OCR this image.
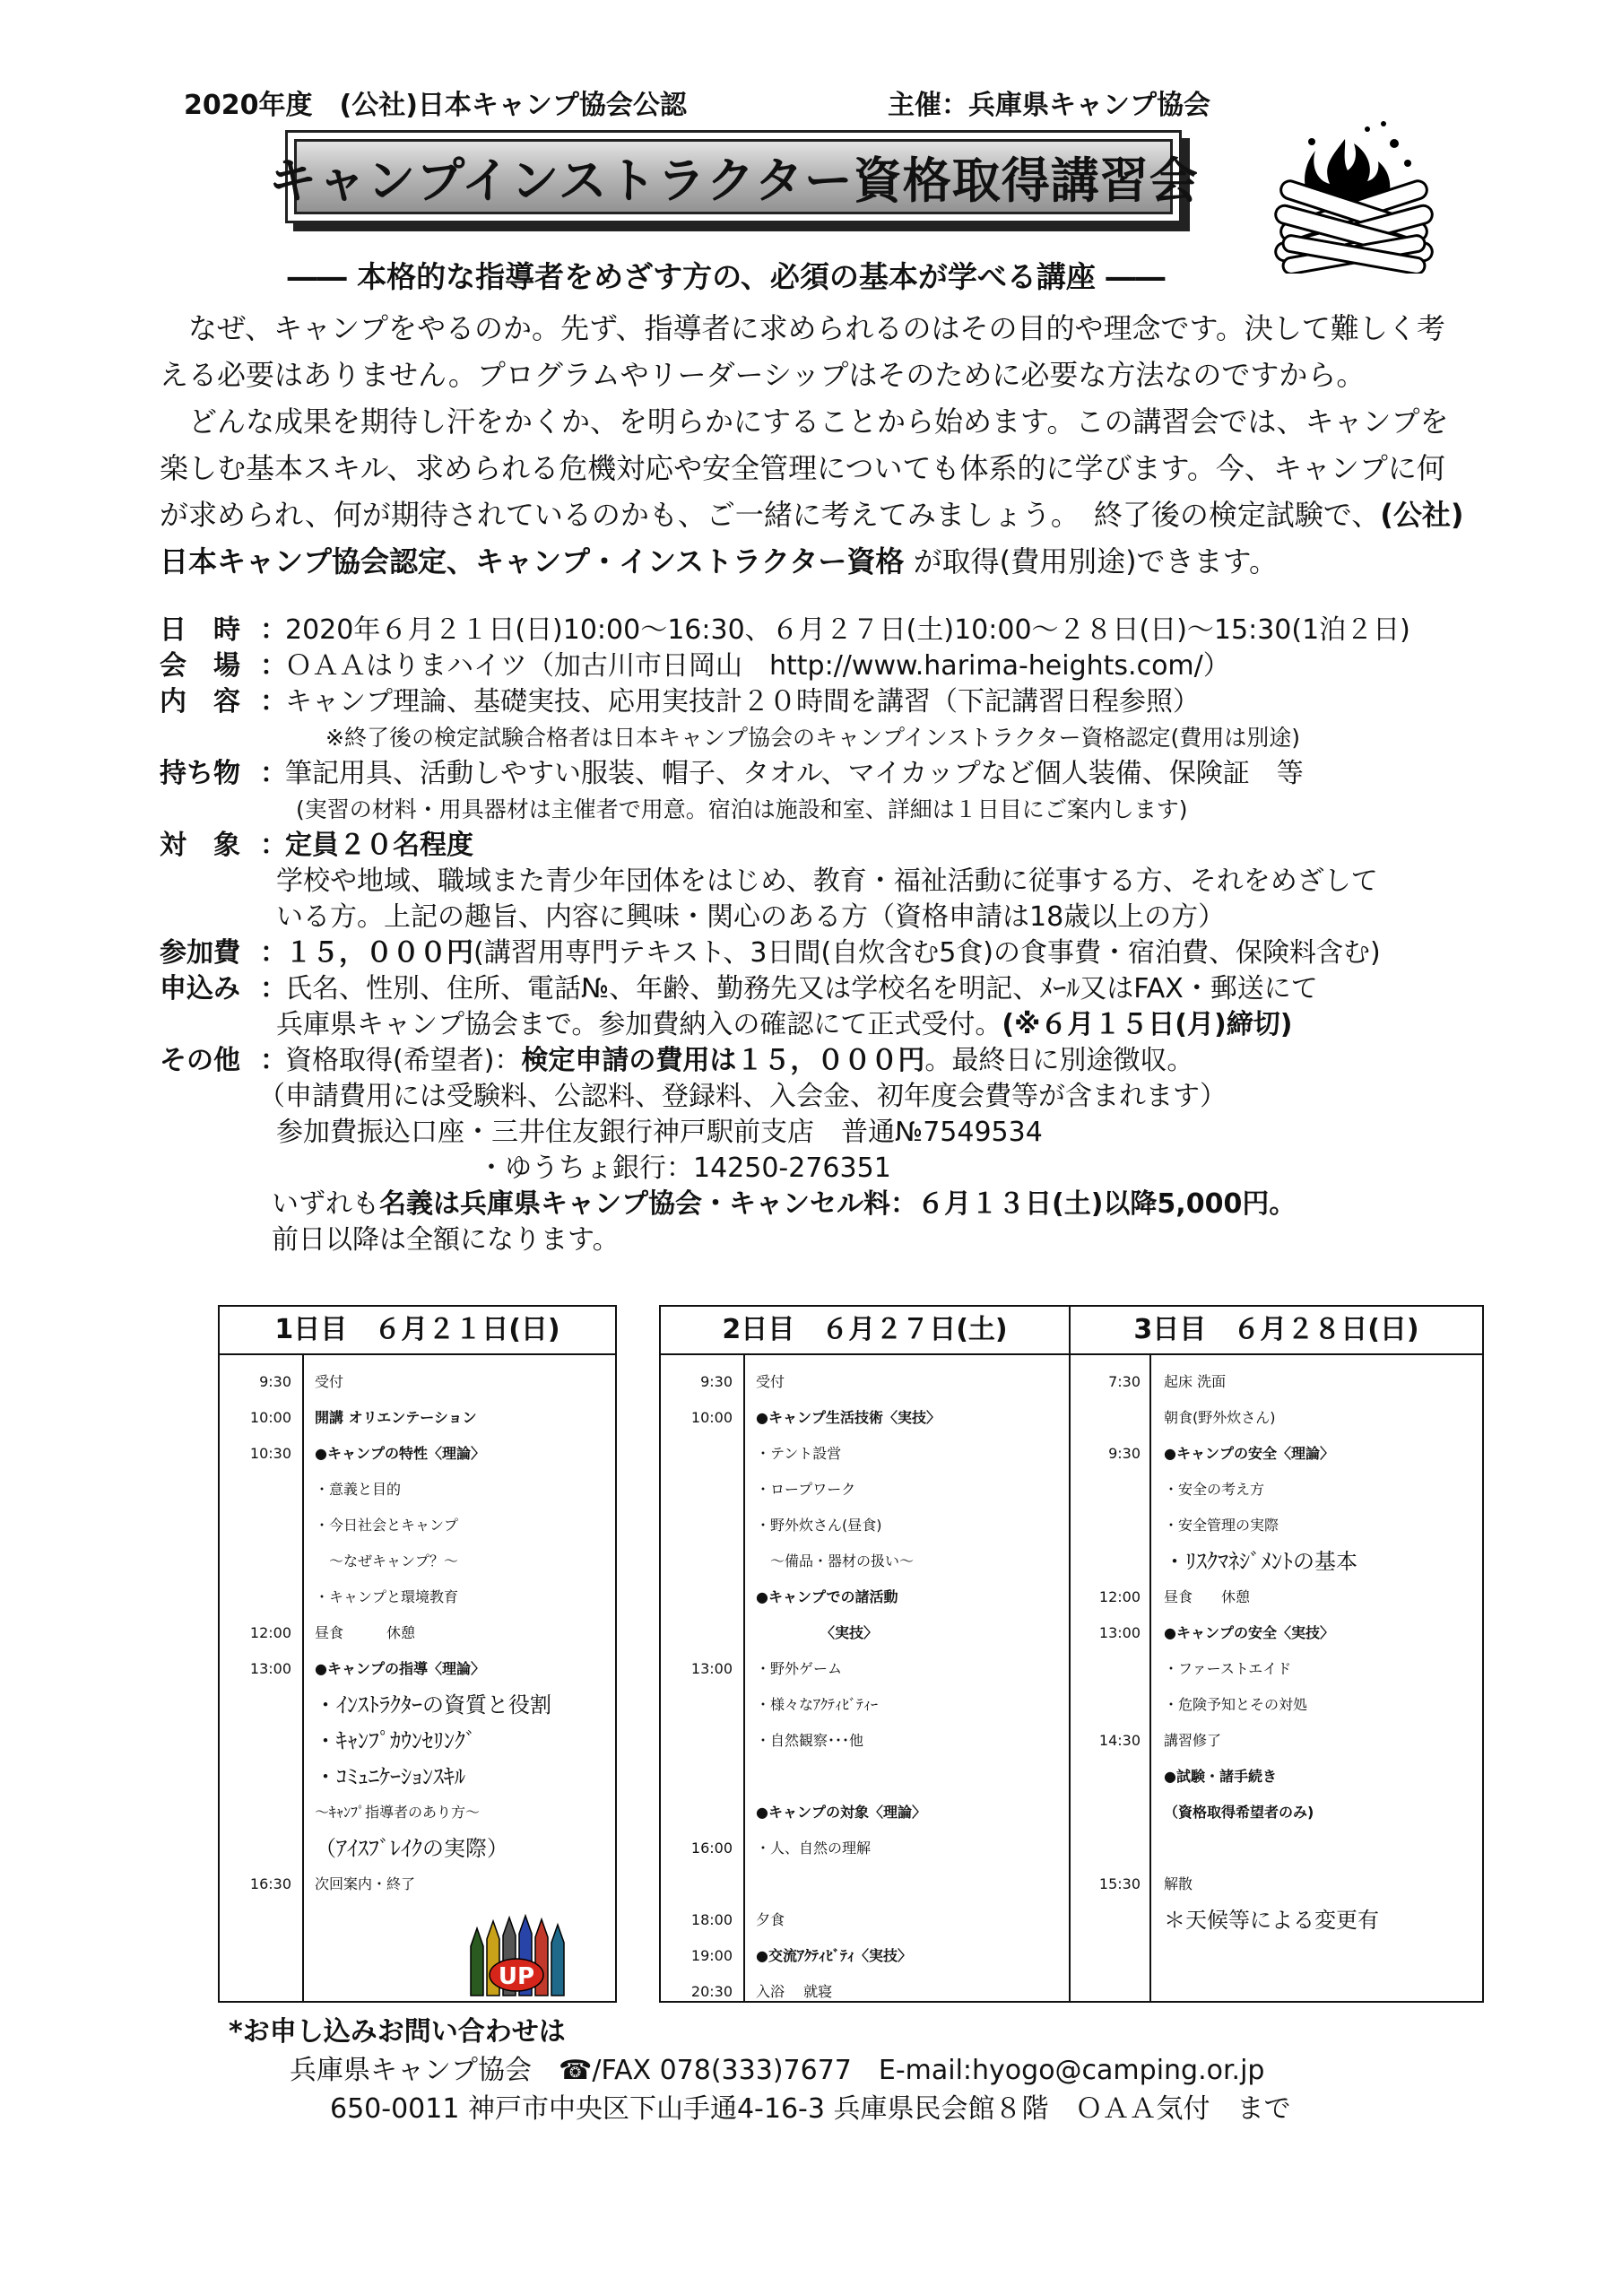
2020年度　(公社)日本キャンプ協会公認	主催：兵庫県キャンプ協会
キャンプインストラクター資格取得講習会
―― 本格的な指導者をめざす方の、必須の基本が学べる講座 ――

なぜ、キャンプをやるのか。先ず、指導者に求められるのはその目的や理念です。決して難しく考える必要はありません。プログラムやリーダーシップはそのために必要な方法なのですから。

どんな成果を期待し汗をかくか、を明らかにすることから始めます。この講習会では、キャンプを楽しむ基本スキル、求められる危機対応や安全管理についても体系的に学びます。今、キャンプに何が求められ、何が期待されているのかも、ご一緒に考えてみましょう。　終了後の検定試験で、(公社)日本キャンプ協会認定、キャンプ・インストラクター資格 が取得(費用別途)できます。

日　時 ：
2020年６月２１日(日)10:00～16:30、６月２７日(土)10:00～２８日(日)～15:30(1泊２日)
会　場 ：
ＯＡＡはりまハイツ（加古川市日岡山　http://www.harima-heights.com/）
内　容 ：
キャンプ理論、基礎実技、応用実技計２０時間を講習（下記講習日程参照）
※終了後の検定試験合格者は日本キャンプ協会のキャンプインストラクター資格認定(費用は別途)
持ち物 ：
筆記用具、活動しやすい服装、帽子、タオル、マイカップなど個人装備、保険証　等
(実習の材料・用具器材は主催者で用意。宿泊は施設和室、詳細は１日目にご案内します)
対　象 ：
定員２０名程度
学校や地域、職域また青少年団体をはじめ、教育・福祉活動に従事する方、それをめざして
いる方。上記の趣旨、内容に興味・関心のある方（資格申請は18歳以上の方）
参加費 ：
１５，０００円 (講習用専門テキスト、3日間(自炊含む5食)の食事費・宿泊費、保険料含む)
申込み ：
氏名、性別、住所、電話№、年齢、勤務先又は学校名を明記、ﾒｰﾙ又はFAX・郵送にて
兵庫県キャンプ協会まで。参加費納入の確認にて正式受付。 (※６月１５日(月)締切)
その他 ：
資格取得(希望者)： 検定申請の費用は１５，０００円 。最終日に別途徴収。
（申請費用には受験料、公認料、登録料、入会金、初年度会費等が含まれます）
参加費振込口座・三井住友銀行神戸駅前支店　普通№7549534
・ゆうちょ銀行：14250-276351
いずれも 名義は兵庫県キャンプ協会・キャンセル料：６月１３日(土)以降5,000円。
前日以降は全額になります。
1日目　６月２１日(日)
9:30	受付
10:00	開講 オリエンテーション
10:30	●キャンプの特性〈理論〉
・意義と目的
・今日社会とキャンプ
　～なぜキャンプ？～
・キャンプと環境教育
12:00	昼食　　　休憩
13:00	●キャンプの指導〈理論〉
・ｲﾝｽﾄﾗｸﾀｰの資質と役割
・ｷｬﾝﾌﾟｶｳﾝｾﾘﾝｸﾞ
・ｺﾐｭﾆｹｰｼｮﾝｽｷﾙ
～ｷｬﾝﾌﾟ指導者のあり方～
（ｱｲｽﾌﾞﾚｲｸの実際）
16:30	次回案内・終了
2日目　６月２７日(土)	3日目　６月２８日(日)
9:30	受付
10:00	●キャンプ生活技術〈実技〉
・テント設営
・ロープワーク
・野外炊さん(昼食)
　～備品・器材の扱い～
●キャンプでの諸活動
　　　　　〈実技〉
13:00	・野外ゲーム
・様々なｱｸﾃｨﾋﾞﾃｨｰ
・自然観察･･･他
●キャンプの対象〈理論〉
16:00	・人、自然の理解
18:00	夕食
19:00	●交流ｱｸﾃｨﾋﾞﾃｨ〈実技〉
20:30	入浴　 就寝
7:30	起床 洗面
朝食(野外炊さん)
9:30	●キャンプの安全〈理論〉
・安全の考え方
・安全管理の実際
・ﾘｽｸﾏﾈｼﾞﾒﾝﾄの基本
12:00	昼食　　休憩
13:00	●キャンプの安全〈実技〉
・ファーストエイド
・危険予知とその対処
14:30	講習修了
●試験・諸手続き
（資格取得希望者のみ)
15:30	解散
＊天候等による変更有
UP
*お申し込みお問い合わせは
兵庫県キャンプ協会　☎/FAX 078(333)7677　E-mail:hyogo@camping.or.jp
650-0011 神戸市中央区下山手通4-16-3 兵庫県民会館８階　ＯＡＡ気付　まで
